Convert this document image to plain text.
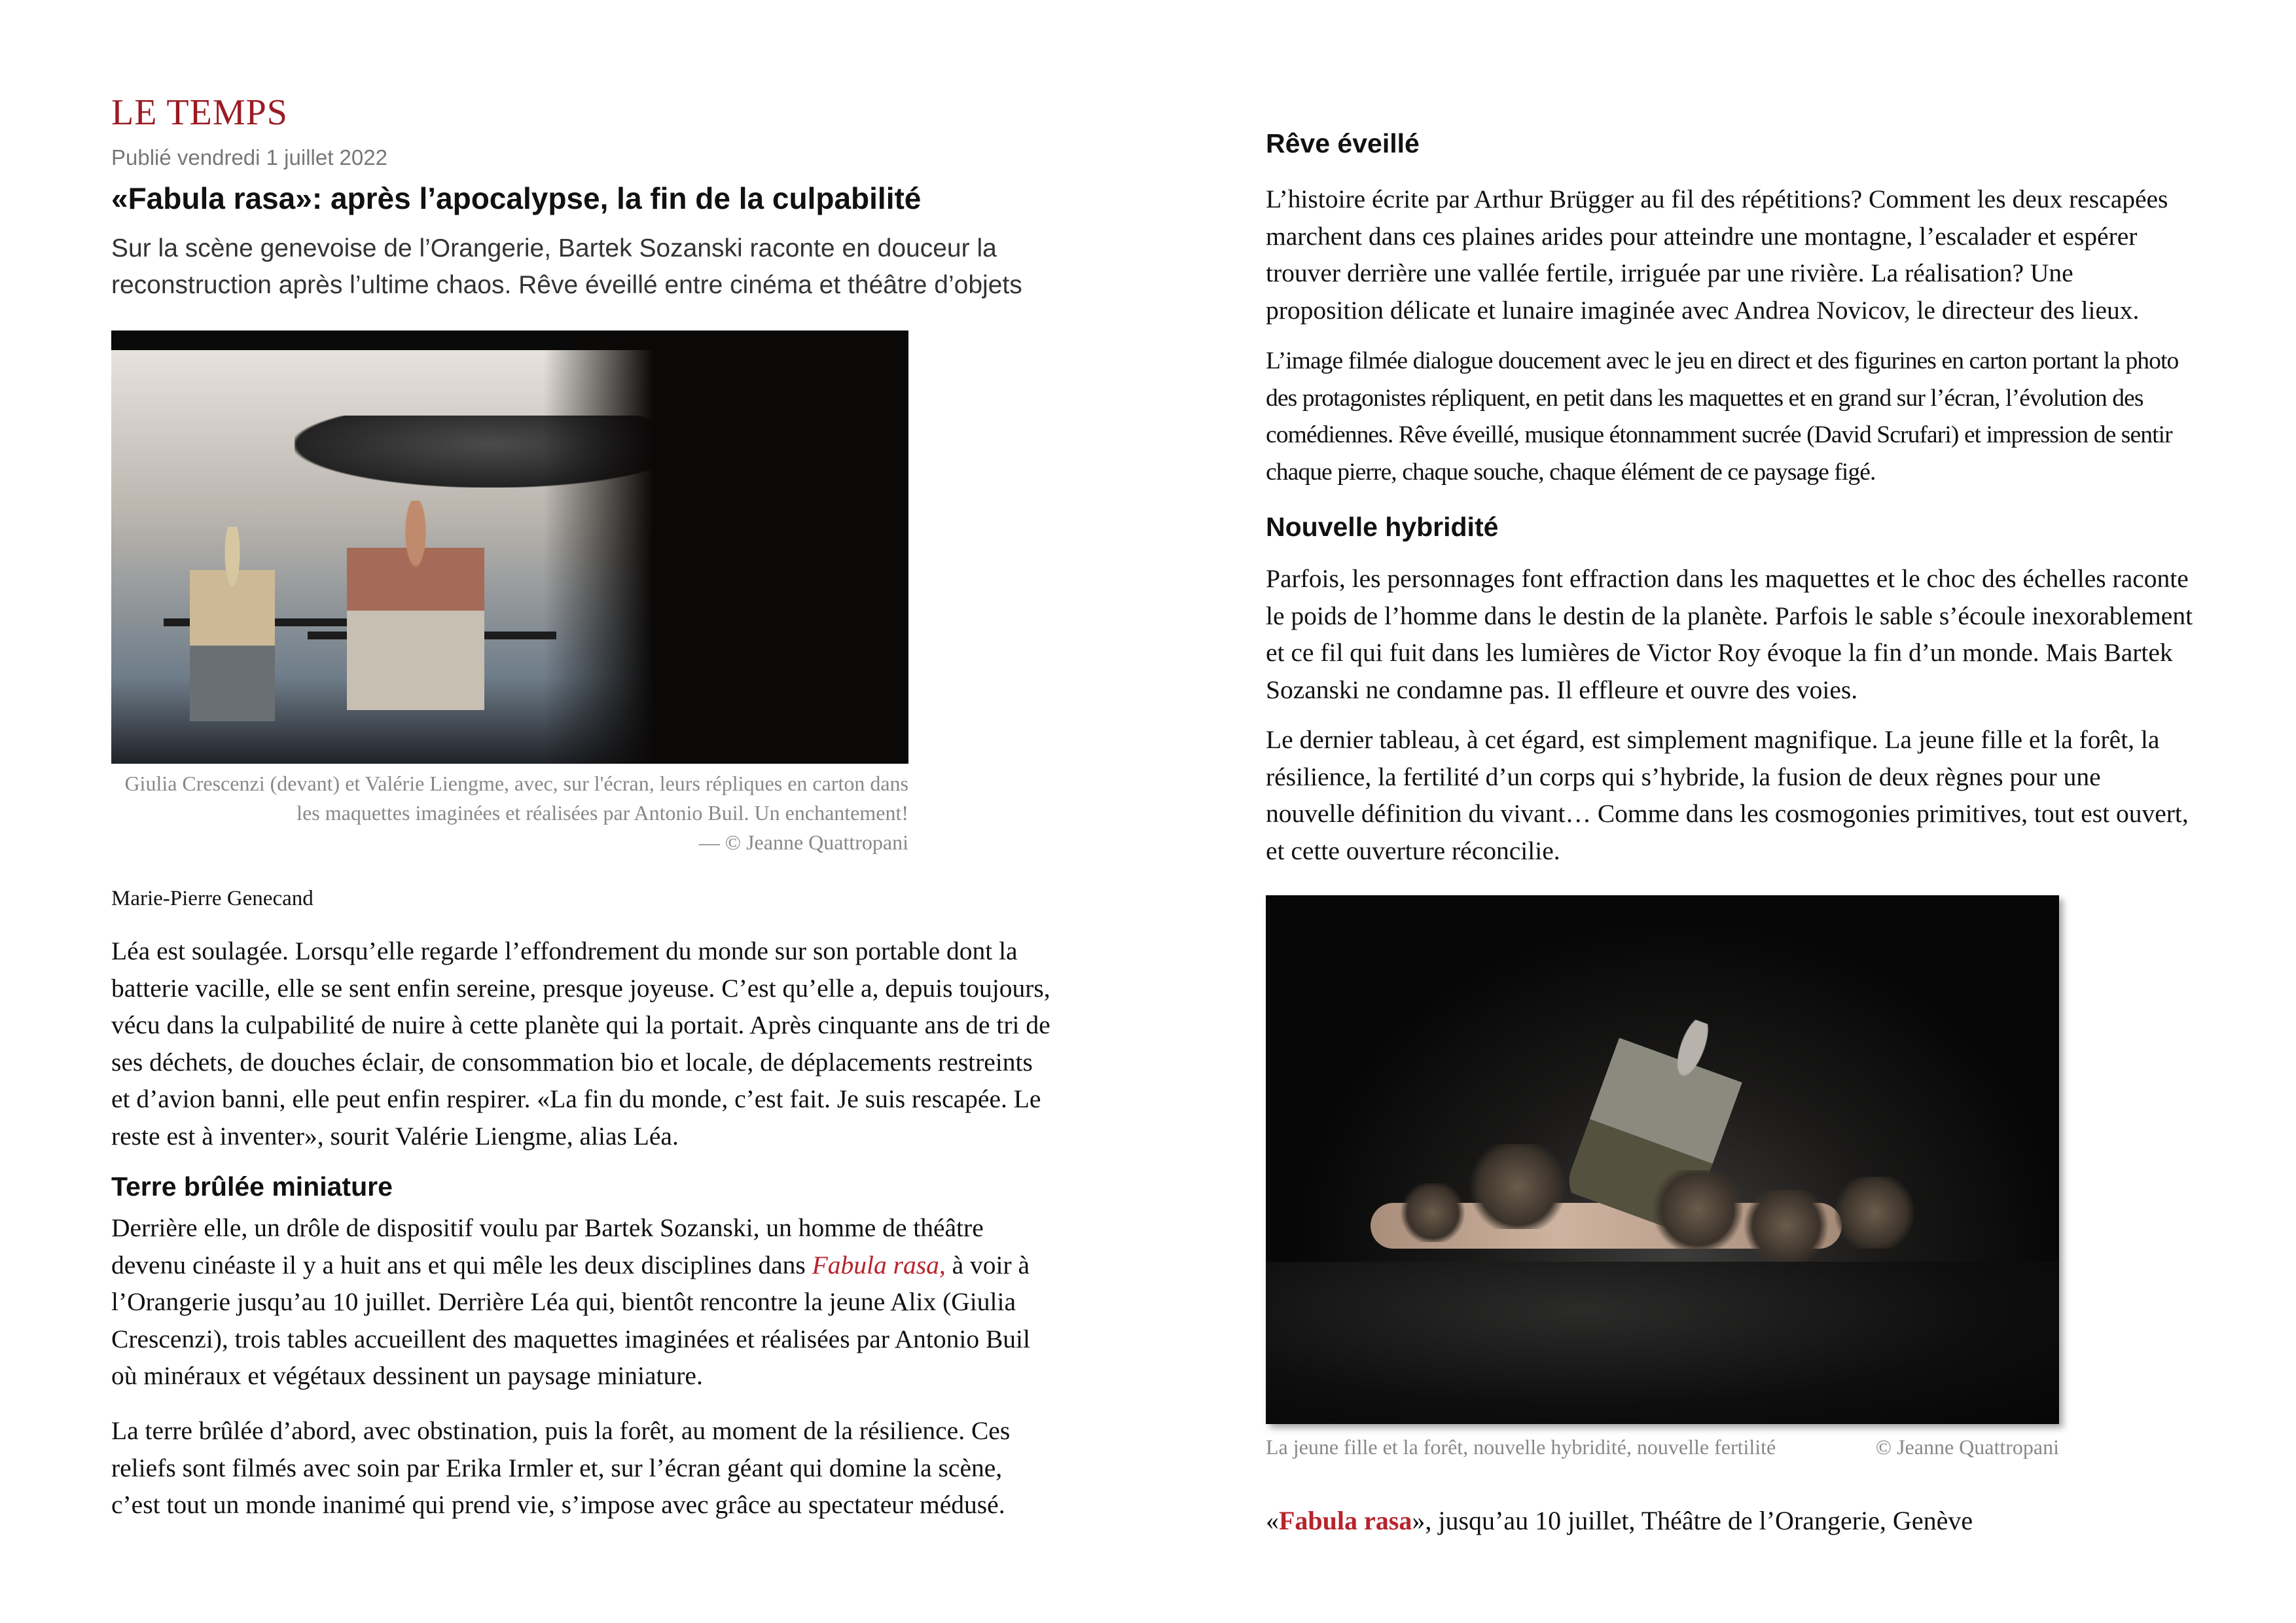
LE TEMPS
Publié vendredi 1 juillet 2022
«Fabula rasa»: après l’apocalypse, la fin de la culpabilité
Sur la scène genevoise de l’Orangerie, Bartek Sozanski raconte en douceur la reconstruction après l’ultime chaos. Rêve éveillé entre cinéma et théâtre d’objets
Giulia Crescenzi (devant) et Valérie Liengme, avec, sur l'écran, leurs répliques en carton dans les maquettes imaginées et réalisées par Antonio Buil. Un enchantement!
— © Jeanne Quattropani
Marie-Pierre Genecand

Léa est soulagée. Lorsqu’elle regarde l’effondrement du monde sur son portable dont la batterie vacille, elle se sent enfin sereine, presque joyeuse. C’est qu’elle a, depuis toujours, vécu dans la culpabilité de nuire à cette planète qui la portait. Après cinquante ans de tri de ses déchets, de douches éclair, de consommation bio et locale, de déplacements restreints et d’avion banni, elle peut enfin respirer. «La fin du monde, c’est fait. Je suis rescapée. Le reste est à inventer», sourit Valérie Liengme, alias Léa.

Terre brûlée miniature

Derrière elle, un drôle de dispositif voulu par Bartek Sozanski, un homme de théâtre devenu cinéaste il y a huit ans et qui mêle les deux disciplines dans Fabula rasa, à voir à l’Orangerie jusqu’au 10 juillet. Derrière Léa qui, bientôt rencontre la jeune Alix (Giulia Crescenzi), trois tables accueillent des maquettes imaginées et réalisées par Antonio Buil où minéraux et végétaux dessinent un paysage miniature.

La terre brûlée d’abord, avec obstination, puis la forêt, au moment de la résilience. Ces reliefs sont filmés avec soin par Erika Irmler et, sur l’écran géant qui domine la scène, c’est tout un monde inanimé qui prend vie, s’impose avec grâce au spectateur médusé.

Rêve éveillé

L’histoire écrite par Arthur Brügger au fil des répétitions? Comment les deux rescapées marchent dans ces plaines arides pour atteindre une montagne, l’escalader et espérer trouver derrière une vallée fertile, irriguée par une rivière. La réalisation? Une proposition délicate et lunaire imaginée avec Andrea Novicov, le directeur des lieux.

L’image filmée dialogue doucement avec le jeu en direct et des figurines en carton portant la photo des protagonistes répliquent, en petit dans les maquettes et en grand sur l’écran, l’évolution des comédiennes. Rêve éveillé, musique étonnamment sucrée (David Scrufari) et impression de sentir chaque pierre, chaque souche, chaque élément de ce paysage figé.

Nouvelle hybridité

Parfois, les personnages font effraction dans les maquettes et le choc des échelles raconte le poids de l’homme dans le destin de la planète. Parfois le sable s’écoule inexorablement et ce fil qui fuit dans les lumières de Victor Roy évoque la fin d’un monde. Mais Bartek Sozanski ne condamne pas. Il effleure et ouvre des voies.

Le dernier tableau, à cet égard, est simplement magnifique. La jeune fille et la forêt, la résilience, la fertilité d’un corps qui s’hybride, la fusion de deux règnes pour une nouvelle définition du vivant… Comme dans les cosmogonies primitives, tout est ouvert, et cette ouverture réconcilie.

La jeune fille et la forêt, nouvelle hybridité, nouvelle fertilité	© Jeanne Quattropani
«Fabula rasa», jusqu’au 10 juillet, Théâtre de l’Orangerie, Genève
